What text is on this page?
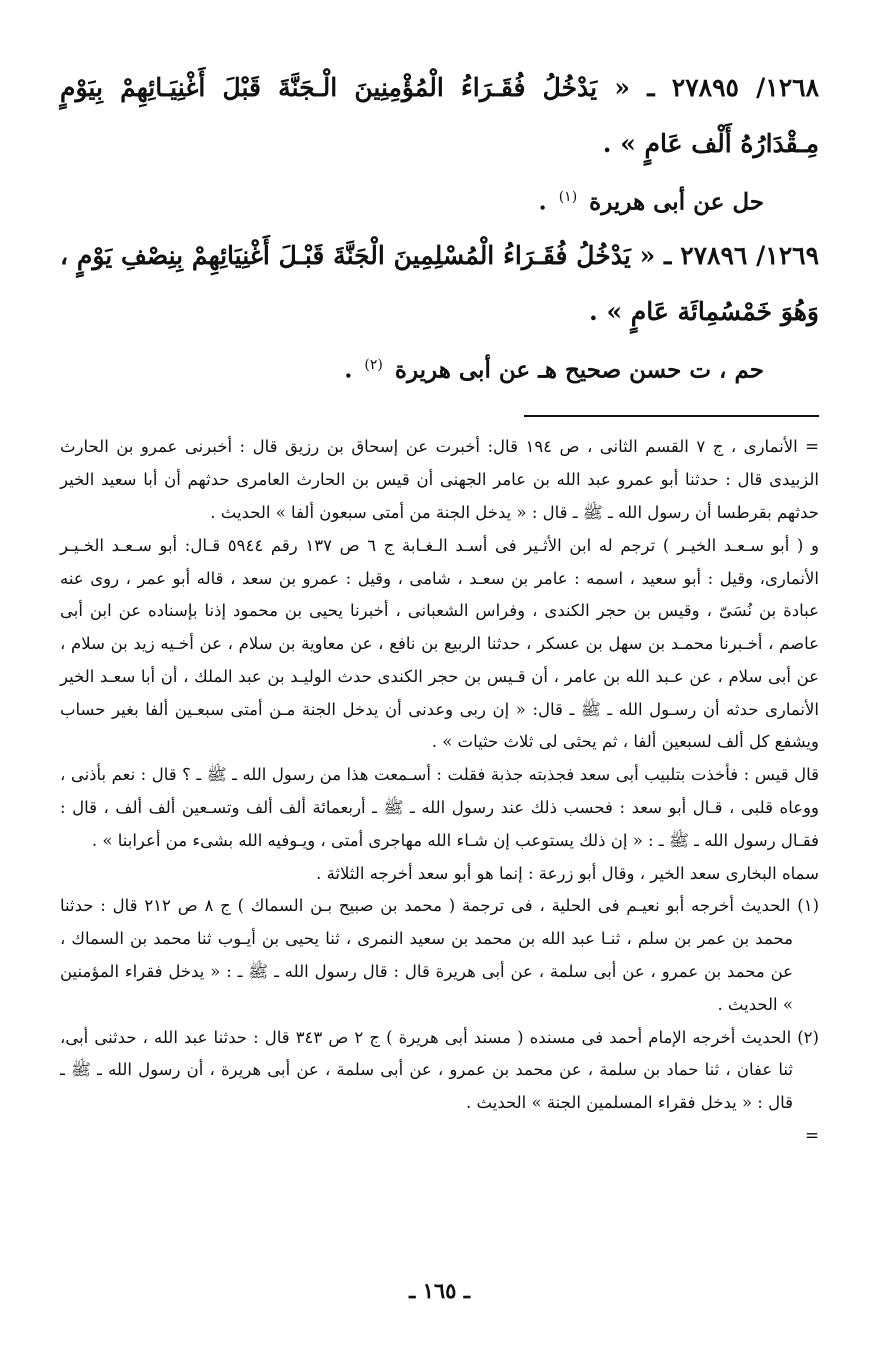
١٢٦٨/ ٢٧٨٩٥ ـ « يَدْخُلُ فُقَـرَاءُ الْمُؤْمِنِينَ الْـجَنَّةَ قَبْلَ أَغْنِيَـائِهِمْ بِيَوْمٍ مِـقْدَارُهُ أَلْف عَامٍ » .

حل عن أبى هريرة $^{(١)}$ .

١٢٦٩/ ٢٧٨٩٦ ـ « يَدْخُلُ فُقَـرَاءُ الْمُسْلِمِينَ الْجَنَّةَ قَبْـلَ أَغْنِيَائِهِمْ بِنِصْفِ يَوْمٍ ، وَهُوَ خَمْسُمِائَة عَامٍ » .

حم ، ت حسن صحيح هـ عن أبى هريرة $^{(٢)}$ .

= الأنمارى ، ج ٧ القسم الثانى ، ص ١٩٤ قال: أخبرت عن إسحاق بن رزيق قال : أخبرنى عمرو بن الحارث الزبيدى قال : حدثنا أبو عمرو عبد الله بن عامر الجهنى أن قيس بن الحارث العامرى حدثهم أن أبا سعيد الخير حدثهم بقرطسا أن رسول الله ـ ﷺ ـ قال : « يدخل الجنة من أمتى سبعون ألفا » الحديث .

و ( أبو سـعـد الخيـر ) ترجم له ابن الأثـير فى أسـد الـغـابة ج ٦ ص ١٣٧ رقم ٥٩٤٤ قـال: أبو سـعـد الخـيـر الأنمارى، وقيل : أبو سعيد ، اسمه : عامر بن سعـد ، شامى ، وقيل : عمرو بن سعد ، قاله أبو عمر ، روى عنه عبادة بن نُسَىّ ، وقيس بن حجر الكندى ، وفراس الشعبانى ، أخبرنا يحيى بن محمود إذنا بإسناده عن ابن أبى عاصم ، أخـبرنا محمـد بن سهل بن عسكر ، حدثنا الربيع بن نافع ، عن معاوية بن سلام ، عن أخـيه زيد بن سلام ، عن أبى سلام ، عن عـبد الله بن عامر ، أن قـيس بن حجر الكندى حدث الوليـد بن عبد الملك ، أن أبا سعـد الخير الأنمارى حدثه أن رسـول الله ـ ﷺ ـ قال: « إن ربى وعدنى أن يدخل الجنة مـن أمتى سبعـين ألفا بغير حساب ويشفع كل ألف لسبعين ألفا ، ثم يحثى لى ثلاث حثيات » .

قال قيس : فأخذت بتلبيب أبى سعد فجذبته جذبة فقلت : أسـمعت هذا من رسول الله ـ ﷺ ـ ؟ قال : نعم بأذنى ، ووعاه قلبى ، قـال أبو سعد : فحسب ذلك عند رسول الله ـ ﷺ ـ أربعمائة ألف ألف وتسـعين ألف ألف ، قال : فقـال رسول الله ـ ﷺ ـ : « إن ذلك يستوعب إن شـاء الله مهاجرى أمتى ، ويـوفيه الله بشىء من أعرابنا » .

سماه البخارى سعد الخير ، وقال أبو زرعة : إنما هو أبو سعد أخرجه الثلاثة .

(١) الحديث أخرجه أبو نعيـم فى الحلية ، فى ترجمة ( محمد بن صبيح بـن السماك ) ج ٨ ص ٢١٢ قال : حدثنا محمد بن عمر بن سلم ، ثنـا عبد الله بن محمد بن سعيد النمرى ، ثنا يحيى بن أيـوب ثنا محمد بن السماك ، عن محمد بن عمرو ، عن أبى سلمة ، عن أبى هريرة قال : قال رسول الله ـ ﷺ ـ : « يدخل فقراء المؤمنين » الحديث .

(٢) الحديث أخرجه الإمام أحمد فى مسنده ( مسند أبى هريرة ) ج ٢ ص ٣٤٣ قال : حدثنا عبد الله ، حدثنى أبى، ثنا عفان ، ثنا حماد بن سلمة ، عن محمد بن عمرو ، عن أبى سلمة ، عن أبى هريرة ، أن رسول الله ـ ﷺ ـ قال : « يدخل فقراء المسلمين الجنة » الحديث .

=

ـ ١٦٥ ـ
